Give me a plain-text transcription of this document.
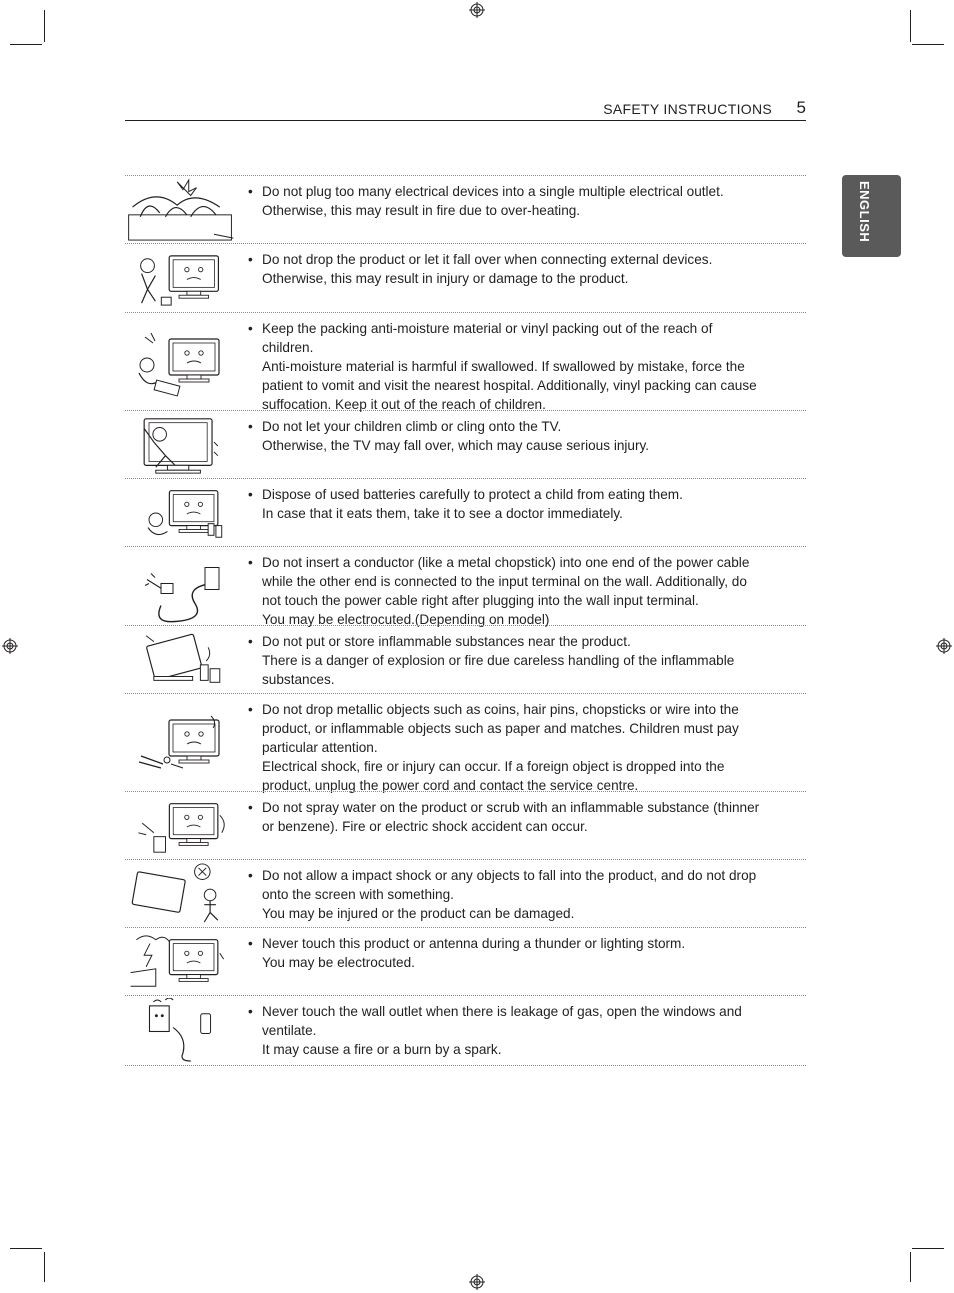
SAFETY INSTRUCTIONS 5
ENGLISH
• Do not plug too many electrical devices into a single multiple electrical outlet.
Otherwise, this may result in fire due to over-heating.
• Do not drop the product or let it fall over when connecting external devices.
Otherwise, this may result in injury or damage to the product.
• Keep the packing anti-moisture material or vinyl packing out of the reach of
children.
Anti-moisture material is harmful if swallowed. If swallowed by mistake, force the
patient to vomit and visit the nearest hospital. Additionally, vinyl packing can cause
suffocation. Keep it out of the reach of children.
• Do not let your children climb or cling onto the TV.
Otherwise, the TV may fall over, which may cause serious injury.
• Dispose of used batteries carefully to protect a child from eating them.
In case that it eats them, take it to see a doctor immediately.
• Do not insert a conductor (like a metal chopstick) into one end of the power cable
while the other end is connected to the input terminal on the wall. Additionally, do
not touch the power cable right after plugging into the wall input terminal.
You may be electrocuted.(Depending on model)
• Do not put or store inflammable substances near the product.
There is a danger of explosion or fire due careless handling of the inflammable
substances.
• Do not drop metallic objects such as coins, hair pins, chopsticks or wire into the
product, or inflammable objects such as paper and matches. Children must pay
particular attention.
Electrical shock, fire or injury can occur. If a foreign object is dropped into the
product, unplug the power cord and contact the service centre.
• Do not spray water on the product or scrub with an inflammable substance (thinner
or benzene). Fire or electric shock accident can occur.
• Do not allow a impact shock or any objects to fall into the product, and do not drop
onto the screen with something.
You may be injured or the product can be damaged.
• Never touch this product or antenna during a thunder or lighting storm.
You may be electrocuted.
• Never touch the wall outlet when there is leakage of gas, open the windows and
ventilate.
It may cause a fire or a burn by a spark.
